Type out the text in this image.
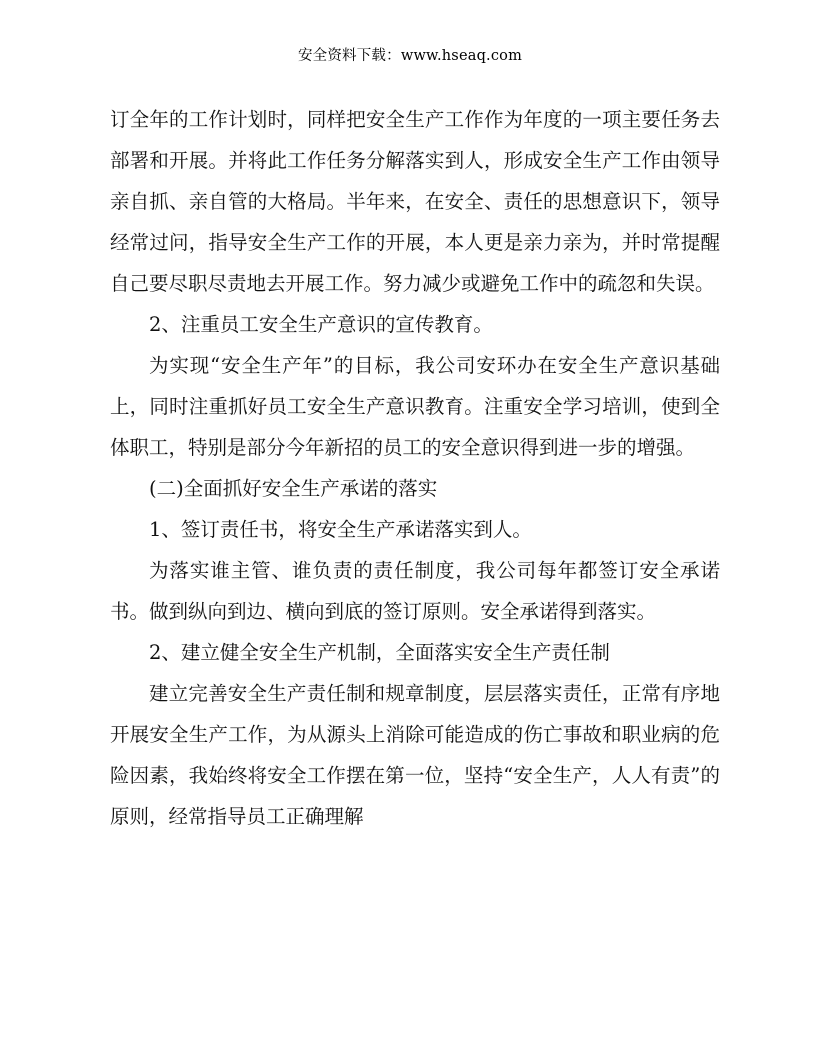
安全资料下载：www.hseaq.com

订全年的工作计划时，同样把安全生产工作作为年度的一项主要任务去部署和开展。并将此工作任务分解落实到人，形成安全生产工作由领导亲自抓、亲自管的大格局。半年来，在安全、责任的思想意识下，领导经常过问，指导安全生产工作的开展，本人更是亲力亲为，并时常提醒自己要尽职尽责地去开展工作。努力减少或避免工作中的疏忽和失误。

2、注重员工安全生产意识的宣传教育。

为实现“安全生产年”的目标，我公司安环办在安全生产意识基础上，同时注重抓好员工安全生产意识教育。注重安全学习培训，使到全体职工，特别是部分今年新招的员工的安全意识得到进一步的增强。

(二)全面抓好安全生产承诺的落实

1、签订责任书，将安全生产承诺落实到人。

为落实谁主管、谁负责的责任制度，我公司每年都签订安全承诺 书。做到纵向到边、横向到底的签订原则。安全承诺得到落实。

2、建立健全安全生产机制，全面落实安全生产责任制

建立完善安全生产责任制和规章制度，层层落实责任，正常有序地开展安全生产工作，为从源头上消除可能造成的伤亡事故和职业病的危险因素，我始终将安全工作摆在第一位，坚持“安全生产，人人有责”的原则，经常指导员工正确理解
